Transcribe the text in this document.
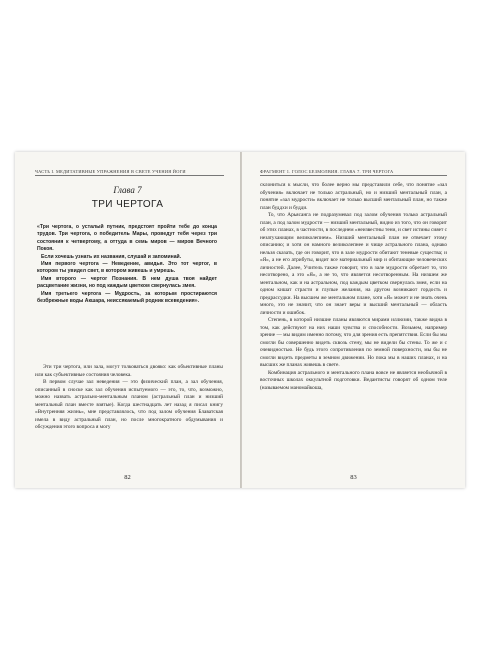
ЧАСТЬ I. МЕДИТАТИВНЫЕ УПРАЖНЕНИЯ В СВЕТЕ УЧЕНИЯ ЙОГИ
Глава 7
ТРИ ЧЕРТОГА

«Три чертога, о усталый путник, предстоят пройти тебе до конца трудов. Три чертога, о победитель Мары, проведут тебя через три состояния к четвертому, а оттуда в семь миров — миров Вечного Покоя.

Если хочешь узнать их названия, слушай и запоминай.

Имя первого чертога — Неведение, авидья. Это тот чертог, в котором ты увидел свет, в котором живешь и умрешь.

Имя второго — чертог Познания. В нем душа твоя найдет расцветание жизни, но под каждым цветком свернулась змея.

Имя третьего чертога — Мудрость, за которым простираются безбрежные воды Акшара, неиссякаемый родник всеведения».

Эти три чертога, или зала, могут толковаться двояко: как объективные планы или как субъективные состояния человека.

В первом случае зал неведения — это физический план, а зал обучения, описанный в сноске как зал обучения испытуемого — это, то, что, возможно, можно назвать астрально-ментальным планом (астральный план и низший ментальный план вместе взятые). Когда шестнадцать лет назад я писал книгу «Внутренняя жизнь», мне представлялось, что под залом обучения Блаватская имела в виду астральный план, но после многократного обдумывания и обсуждения этого вопроса я могу

82
ФРАГМЕНТ 1. ГОЛОС БЕЗМОЛВИЯ. ГЛАВА 7. ТРИ ЧЕРТОГА

склониться к мысли, что более верно мы представили себе, что понятие «зал обучения» включает не только астральный, но и низший ментальный план, а понятие «зал мудрости» включает не только высший ментальный план, но также план буддхи и будди.

То, что Арьясанга не подразумевал под залом обучения только астральный план, а под залом мудрости — низший ментальный, видно из того, что он говорит об этих планах, в частности, в последнем «неизвестны тени, и свет истины сияет с незатухающим великолепием». Низший ментальный план не отвечает этому описанию; и хотя он намного великолепнее и чище астрального плана, однако нельзя сказать, где он говорит, что в зале мудрости обитают теневые существа; и «Я», а не его атрибуты, видит все материальный мир и обитающие человеческих личностей. Далее, Учитель также говорит, что в зале мудрости обретает то, что несотворено, а это «Я», а не то, что является несотворенным. На низшем же ментальном, как и на астральном, под каждым цветком свернулась змея, если на одном кишат страсти и глупые желания, на другом возникают гордость и предрассудки. На высшем же ментальном плане, хотя «Я» может и не знать очень много, это не значит, что он знает веры и высший ментальный — область личности и ошибок.

Степень, в которой низшие планы являются мирами иллюзии, также видна в том, как действуют на них наши чувства и способности. Возьмем, например зрение — мы видим именно потому, что для зрения есть препятствия. Если бы мы смогли бы совершенно видеть сквозь стену, мы не видели бы стены. То же и с очевидностью. Не будь этого сопротивления по земной поверхности, мы бы не смогли видеть предметы в земном движении. Но пока мы в наших планах, и на высших же планах живешь в свете.

Комбинация астрального и ментального плана вовсе не является необычной в восточных школах оккультной подготовки. Ведантисты говорят об одном теле (называемом маномайкоша,

83
